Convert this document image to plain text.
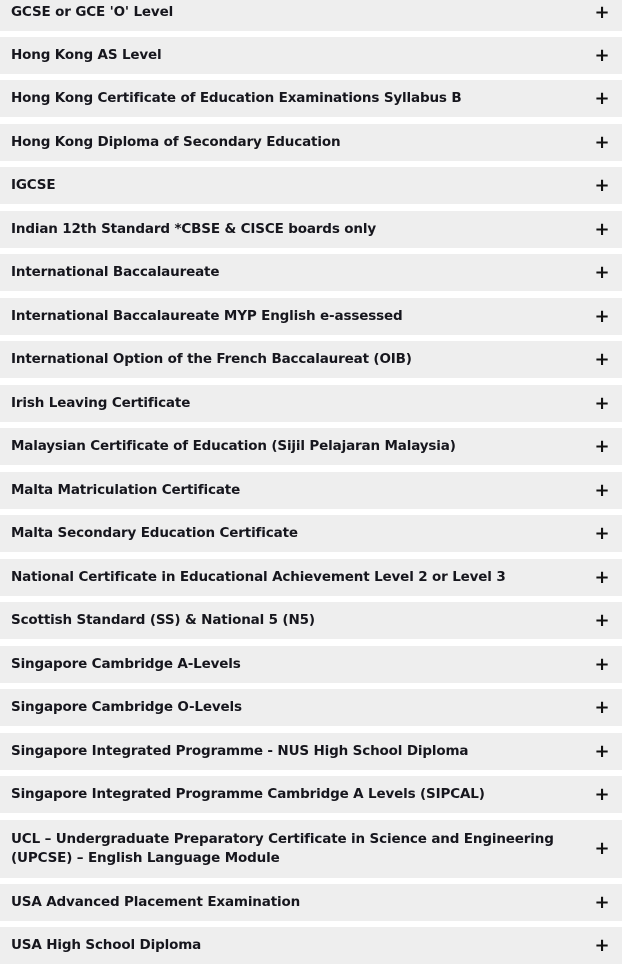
GCSE or GCE 'O' Level	+
Hong Kong AS Level	+
Hong Kong Certificate of Education Examinations Syllabus B	+
Hong Kong Diploma of Secondary Education	+
IGCSE	+
Indian 12th Standard *CBSE & CISCE boards only	+
International Baccalaureate	+
International Baccalaureate MYP English e-assessed	+
International Option of the French Baccalaureat (OIB)	+
Irish Leaving Certificate	+
Malaysian Certificate of Education (Sijil Pelajaran Malaysia)	+
Malta Matriculation Certificate	+
Malta Secondary Education Certificate	+
National Certificate in Educational Achievement Level 2 or Level 3	+
Scottish Standard (SS) & National 5 (N5)	+
Singapore Cambridge A-Levels	+
Singapore Cambridge O-Levels	+
Singapore Integrated Programme - NUS High School Diploma	+
Singapore Integrated Programme Cambridge A Levels (SIPCAL)	+
UCL – Undergraduate Preparatory Certificate in Science and Engineering (UPCSE) – English Language Module	+
USA Advanced Placement Examination	+
USA High School Diploma	+
